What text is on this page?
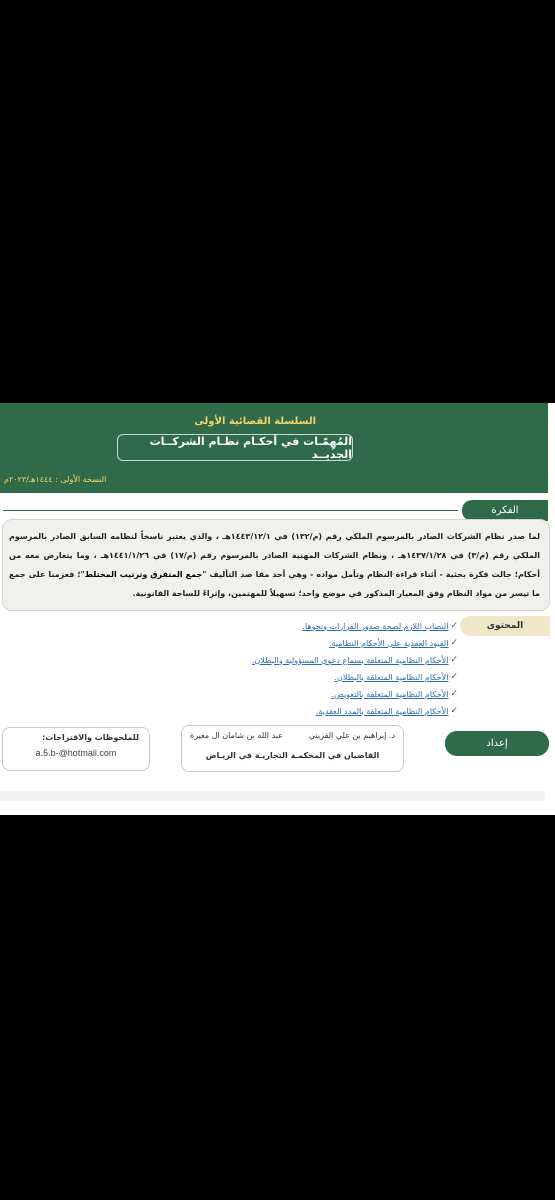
السلسلة القضائية الأولى
المُهِمّـات في أحكـام نظـام الشركــات الجديــد
النسخة الأولى : ١٤٤٤هـ/٢٠٢٣م
الفكرة
لما صدر نظام الشركات الصادر بالمرسوم الملكي رقم (م/١٣٢) في ١٤٤٣/١٢/١هـ ، والذي يعتبر ناسخاً لنظامه السابق الصادر بالمرسوم الملكي رقم (م/٣) في ١٤٣٧/١/٢٨هـ ، ونظام الشركات المهنية الصادر بالمرسوم رقم (م/١٧) في ١٤٤١/١/٢٦هـ ، وما يتعارض معه من أحكام؛ جالت فكرة بحثية - أثناء قراءة النظام وتأمل مواده - وهي أحد مقا صد التأليف "جمع المتفرق وترتيب المختلط"؛ فعزمنا على جمع ما تيسر من مواد النظام وفق المعيار المذكور في موضع واحد؛ تسهيلاً للمهتمين، وإثراءً للساحة القانونية.
المحتوى
✓
النصاب اللازم لصحة صدور القرارات ونحوها.
✓
القيود العقدية على الأحكام النظامية.
✓
الأحكام النظامية المتعلقة بسماع دعوى المسؤولية والبطلان.
✓
الأحكام النظامية المتعلقة بالبطلان.
✓
الأحكام النظامية المتعلقة بالتعويض.
✓
الأحكام النظامية المتعلقة بالمدد العقدية.
إعداد
د. إبراهيم بن علي القريني
عبد الله بن شامان ال مغيرة
القاضيان في المحكمـة التجاريـة في الريـاض
للملحوظات والاقتراحات:
a.5.b-@hotmail.com
